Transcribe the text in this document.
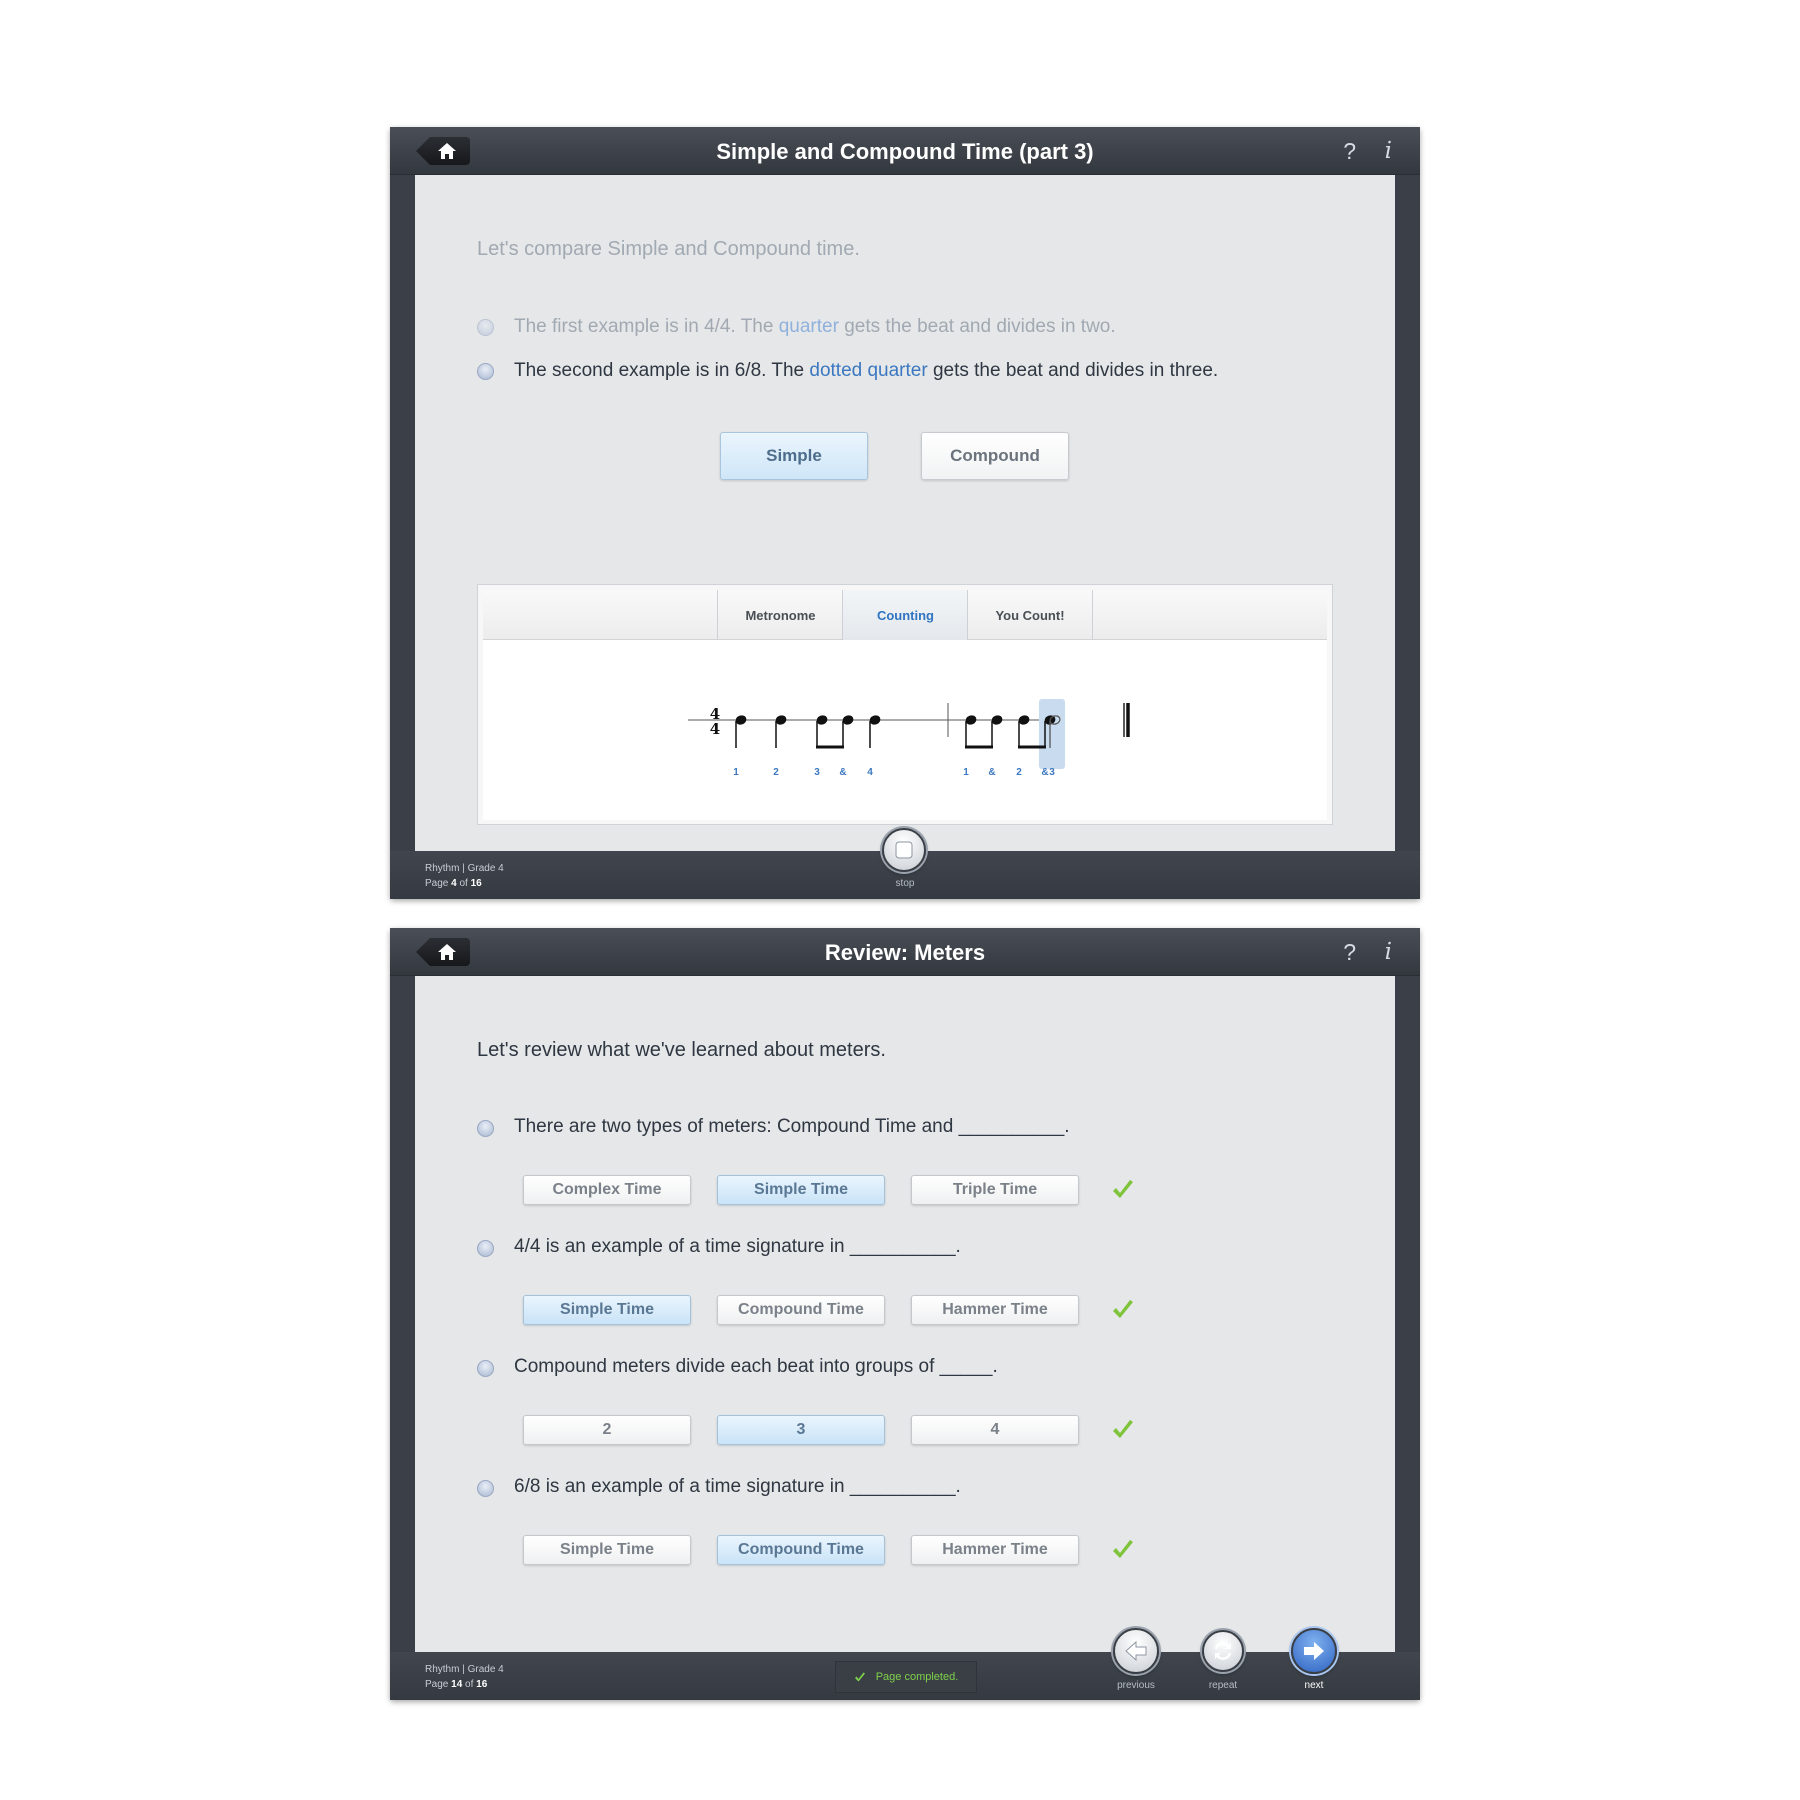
Simple and Compound Time (part 3)	? i
Let's compare Simple and Compound time.
The first example is in 4/4. The quarter gets the beat and divides in two.
The second example is in 6/8. The dotted quarter gets the beat and divides in three.
Simple	Compound
Metronome	Counting	You Count!
4
4
1	2	3 & 4	1 & 2 & 3
Rhythm | Grade 4
Page 4 of 16	stop
Review: Meters	? i
Let's review what we've learned about meters.
There are two types of meters: Compound Time and __________.
Complex Time	Simple Time	Triple Time
4/4 is an example of a time signature in __________.
Simple Time	Compound Time	Hammer Time
Compound meters divide each beat into groups of _____.
2	3	4
6/8 is an example of a time signature in __________.
Simple Time	Compound Time	Hammer Time
Rhythm | Grade 4
Page 14 of 16
Page completed.
previous	repeat	next
